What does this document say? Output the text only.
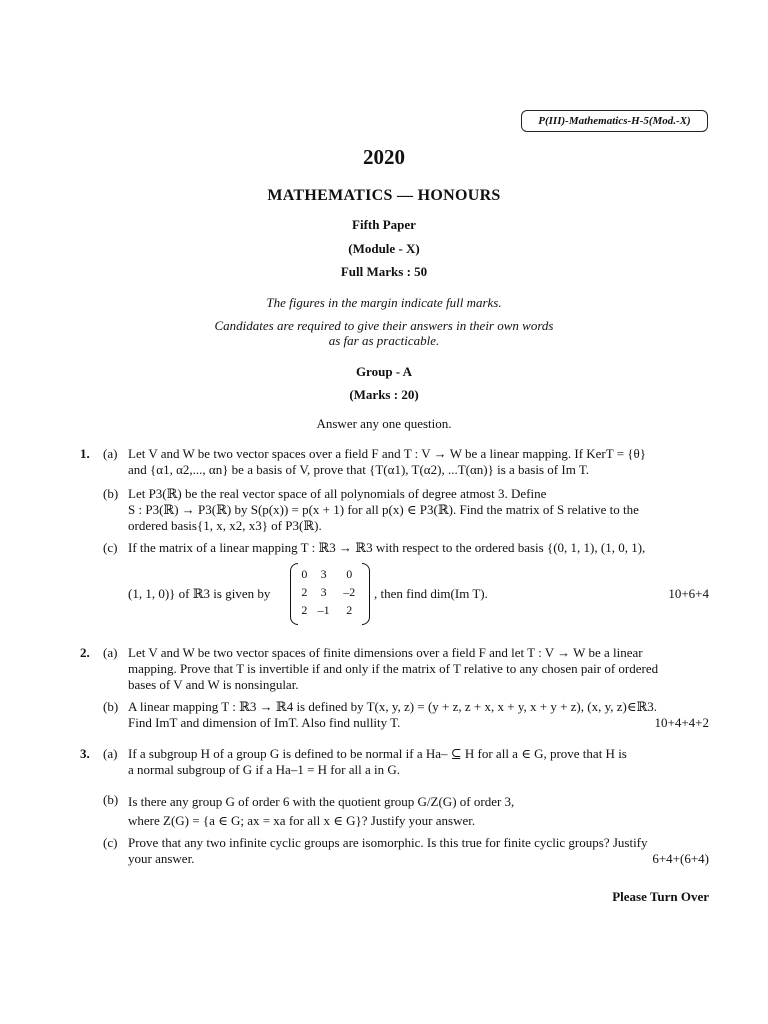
P(III)-Mathematics-H-5(Mod.-X)
2020
MATHEMATICS — HONOURS
Fifth Paper
(Module - X)
Full Marks : 50
The figures in the margin indicate full marks.
Candidates are required to give their answers in their own words
as far as practicable.
Group - A
(Marks : 20)
Answer any one question.
1. (a) Let V and W be two vector spaces over a field F and T : V → W be a linear mapping. If KerT = {θ}
and {α1, α2,..., αn} be a basis of V, prove that {T(α1), T(α2), ...T(αn)} is a basis of Im T.
(b) Let P3(ℝ) be the real vector space of all polynomials of degree atmost 3. Define
S : P3(ℝ) → P3(ℝ) by S(p(x)) = p(x + 1) for all p(x) ∈ P3(ℝ). Find the matrix of S relative to the
ordered basis{1, x, x2, x3} of P3(ℝ).
(c) If the matrix of a linear mapping T : ℝ3 → ℝ3 with respect to the ordered basis {(0, 1, 1), (1, 0, 1),
(1, 1, 0)} of ℝ3 is given by
0	3	0
2	3	–2
2	–1	2
, then find dim(Im T).	10+6+4
2. (a) Let V and W be two vector spaces of finite dimensions over a field F and let T : V → W be a linear
mapping. Prove that T is invertible if and only if the matrix of T relative to any chosen pair of ordered
bases of V and W is nonsingular.
(b) A linear mapping T : ℝ3 → ℝ4 is defined by T(x, y, z) = (y + z, z + x, x + y, x + y + z), (x, y, z)∈ℝ3.
Find ImT and dimension of ImT. Also find nullity T.	10+4+4+2
3. (a) If a subgroup H of a group G is defined to be normal if a Ha– ⊆ H for all a ∈ G, prove that H is
a normal subgroup of G if a Ha–1 = H for all a in G.
(b) Is there any group G of order 6 with the quotient group G/Z(G) of order 3,
where Z(G) = {a ∈ G; ax = xa for all x ∈ G}? Justify your answer.
(c) Prove that any two infinite cyclic groups are isomorphic. Is this true for finite cyclic groups? Justify
your answer.	6+4+(6+4)
Please Turn Over
